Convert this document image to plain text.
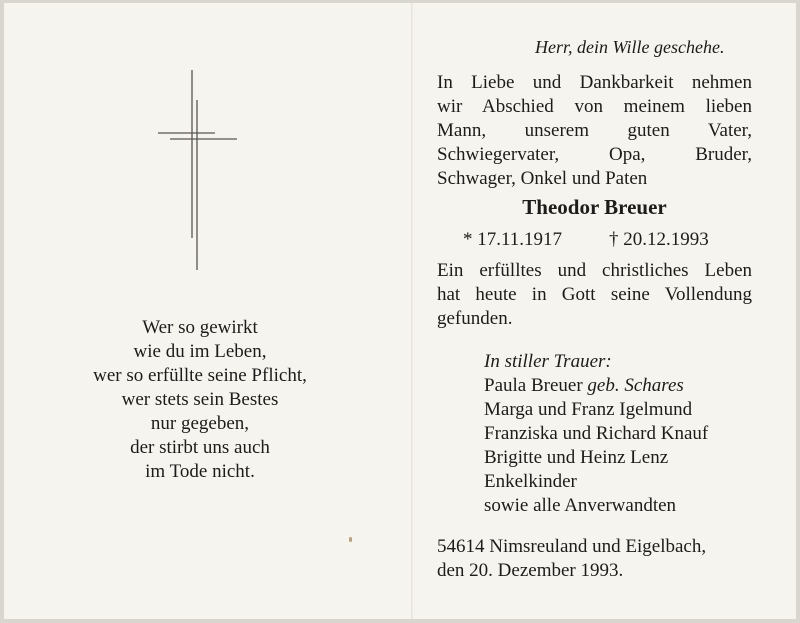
Wer so gewirkt
wie du im Leben,
wer so erfüllte seine Pflicht,
wer stets sein Bestes
nur gegeben,
der stirbt uns auch
im Tode nicht.
Herr, dein Wille geschehe.
In Liebe und Dankbarkeit nehmen
wir Abschied von meinem lieben
Mann, unserem guten Vater,
Schwiegervater, Opa, Bruder,
Schwager, Onkel und Paten
Theodor Breuer
* 17.11.1917 † 20.12.1993
Ein erfülltes und christliches Leben
hat heute in Gott seine Vollendung
gefunden.
In stiller Trauer:
Paula Breuer geb. Schares
Marga und Franz Igelmund
Franziska und Richard Knauf
Brigitte und Heinz Lenz
Enkelkinder
sowie alle Anverwandten
54614 Nimsreuland und Eigelbach,
den 20. Dezember 1993.
